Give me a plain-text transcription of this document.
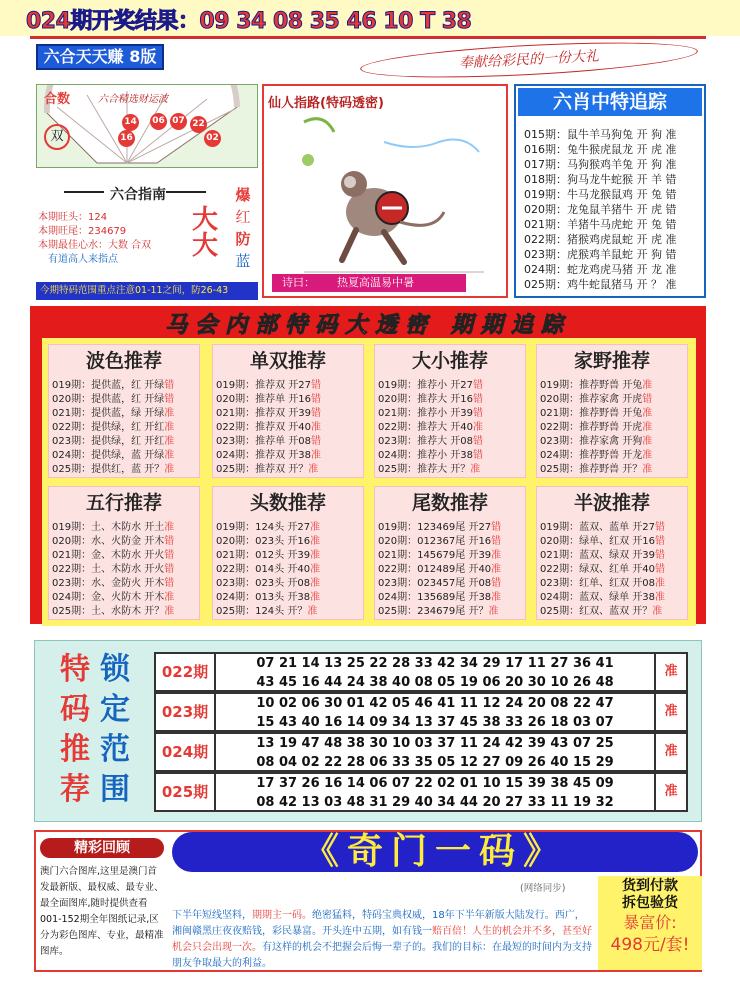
024期开奖结果：09 34 08 35 46 10 T 38
六合天天赚 8版	奉献给彩民的一份大礼
合数
双
六合精选财运波
14 06 07 22
16	02
六合指南
本期旺头：124
本期旺尾：234679
本期最佳心水：大数 合双
有道高人来指点
大大
爆
红
防
蓝
今期特码范围重点注意01-11之间，防26-43
仙人指路(特码透密)
诗曰： 热夏高温易中暑
六肖中特追踪
015期：鼠牛羊马狗兔 开 狗 准
016期：兔牛猴虎鼠龙 开 虎 准
017期：马狗猴鸡羊兔 开 狗 准
018期：狗马龙牛蛇猴 开 羊 错
019期：牛马龙猴鼠鸡 开 兔 错
020期：龙兔鼠羊猪牛 开 虎 错
021期：羊猪牛马虎蛇 开 兔 错
022期：猪猴鸡虎鼠蛇 开 虎 准
023期：虎猴鸡羊鼠蛇 开 狗 错
024期：蛇龙鸡虎马猪 开 龙 准
025期：鸡牛蛇鼠猪马 开 ？ 准
马会内部特码大透密 期期追踪
特
码
推
荐
锁
定
范
围
精彩回顾
澳门六合图库,这里是澳门首发最新版、最权威、最专业、最全面图库,随时提供查看001-152期全年图纸记录,区分为彩色图库、专业，最精准图库。
《奇门一码》
(网络同步)
下半年短线坚料，期期主一码。绝密猛料，特码宝典权威，18年下半年新版大陆发行。西广，湘闽赣黑庄夜夜赔钱，彩民暴富。开头连中五期，如有钱一赔百倍！人生的机会并不多，甚至好机会只会出现一次。有这样的机会不把握会后悔一辈子的。我们的目标：在最短的时间内为支持朋友争取最大的利益。
货到付款
拆包验货
暴富价:
498元/套!
波色推荐
019期：提供蓝，红 开绿错
020期：提供蓝，红 开绿错
021期：提供蓝，绿 开绿准
022期：提供绿，红 开红准
023期：提供绿，红 开红准
024期：提供绿，蓝 开绿准
025期：提供红，蓝 开？准
单双推荐
019期：推荐双 开27错
020期：推荐单 开16错
021期：推荐双 开39错
022期：推荐双 开40准
023期：推荐单 开08错
024期：推荐双 开38准
025期：推荐双 开？准
大小推荐
019期：推荐小 开27错
020期：推荐大 开16错
021期：推荐小 开39错
022期：推荐大 开40准
023期：推荐大 开08错
024期：推荐小 开38错
025期：推荐大 开？准
家野推荐
019期：推荐野兽 开兔准
020期：推荐家禽 开虎错
021期：推荐野兽 开兔准
022期：推荐野兽 开虎准
023期：推荐家禽 开狗准
024期：推荐野兽 开龙准
025期：推荐野兽 开？准
五行推荐
019期：土、木防水 开土准
020期：水、火防金 开木错
021期：金、木防水 开火错
022期：土、木防水 开火错
023期：水、金防火 开木错
024期：金、火防木 开木准
025期：土、水防木 开？准
头数推荐
019期：124头 开27准
020期：023头 开16准
021期：012头 开39准
022期：014头 开40准
023期：023头 开08准
024期：013头 开38准
025期：124头 开？准
尾数推荐
019期：123469尾 开27错
020期：012367尾 开16错
021期：145679尾 开39准
022期：012489尾 开40准
023期：023457尾 开08错
024期：135689尾 开38准
025期：234679尾 开？准
半波推荐
019期：蓝双、蓝单 开27错
020期：绿单、红双 开16错
021期：蓝双、绿双 开39错
022期：绿双、红单 开40错
023期：红单、红双 开08准
024期：蓝双、绿单 开38准
025期：红双、蓝双 开？准
022期	07 21 14 13 25 22 28 33 42 34 29 17 11 27 36 41
43 45 16 44 24 38 40 08 05 19 06 20 30 10 26 48
准
023期	10 02 06 30 01 42 05 46 41 11 12 24 20 08 22 47
15 43 40 16 14 09 34 13 37 45 38 33 26 18 03 07
准
024期	13 19 47 48 38 30 10 03 37 11 24 42 39 43 07 25
08 04 02 22 28 06 33 35 05 12 27 09 26 40 15 29
准
025期	17 37 26 16 14 06 07 22 02 01 10 15 39 38 45 09
08 42 13 03 48 31 29 40 34 44 20 27 33 11 19 32
准
